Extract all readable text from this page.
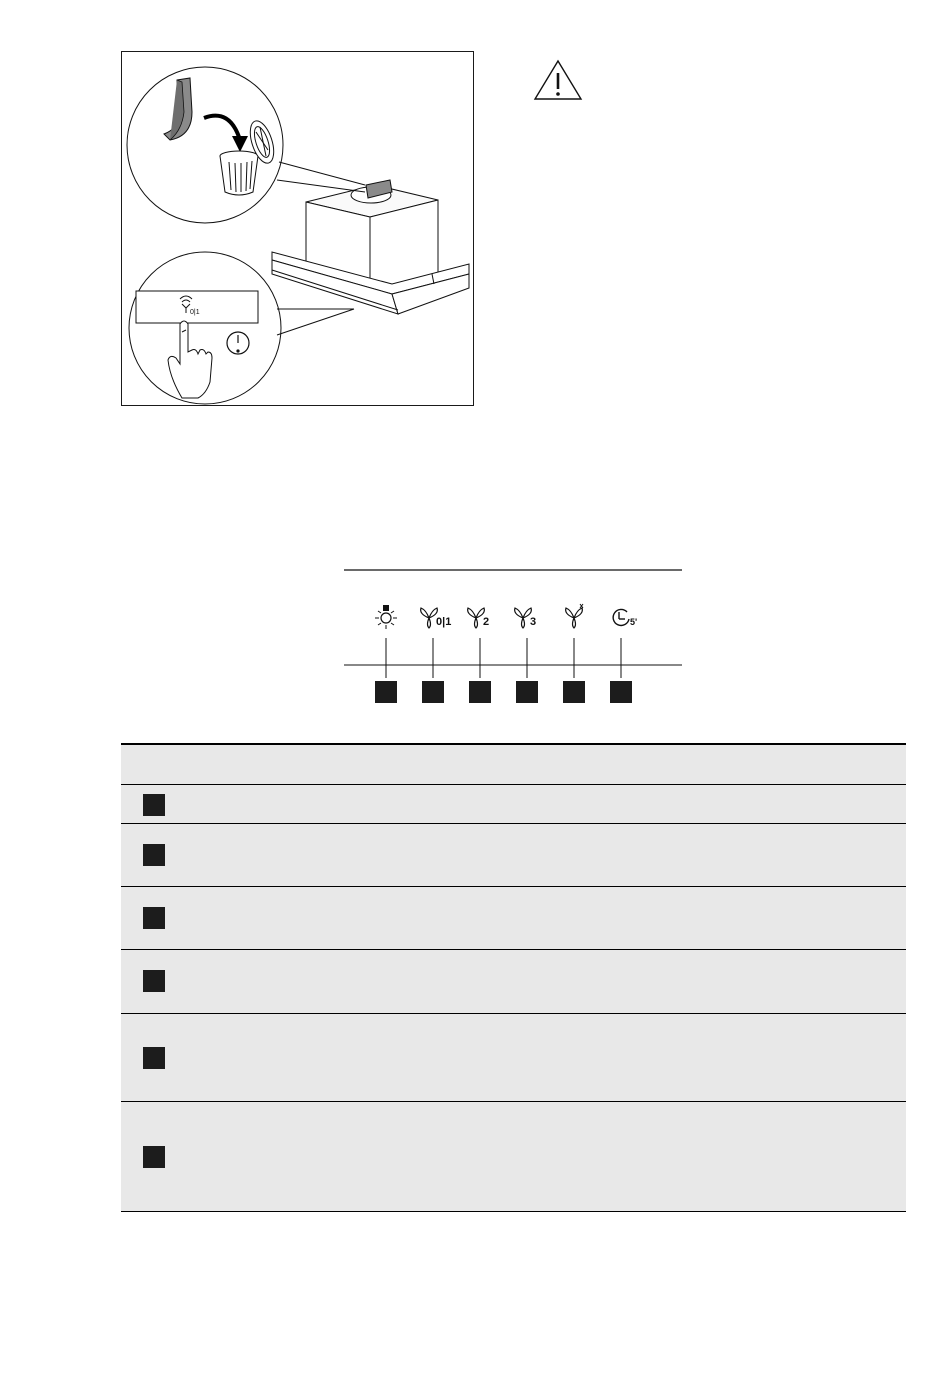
0|1
0|1	2	3	5'
